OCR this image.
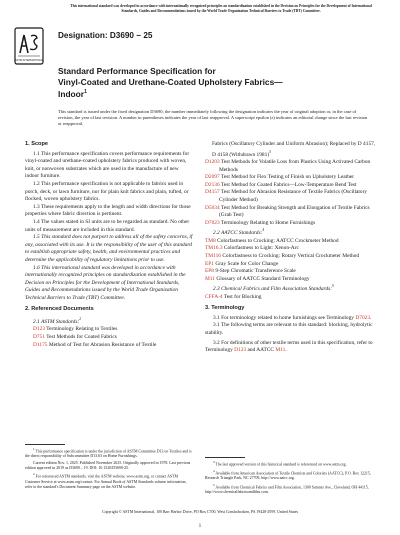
This international standard was developed in accordance with internationally recognized principles on standardization established in the Decision on Principles for the Development of International Standards, Guides and Recommendations issued by the World Trade Organization Technical Barriers to Trade (TBT) Committee.
ASTM INTERNATIONAL
Designation: D3690 − 25
Standard Performance Specification for
Vinyl-Coated and Urethane-Coated Upholstery Fabrics—
Indoor$^1$
This standard is issued under the fixed designation D3690; the number immediately following the designation indicates the year of original adoption or, in the case of revision, the year of last revision. A number in parentheses indicates the year of last reapproval. A superscript epsilon (ε) indicates an editorial change since the last revision or reapproval.

1. Scope

1.1 This performance specification covers performance requirements for vinyl-coated and urethane-coated upholstery fabrics produced with woven, knit, or nonwoven substrates which are used in the manufacture of new indoor furniture.

1.2 This performance specification is not applicable to fabrics used in porch, deck, or lawn furniture, nor for plain knit fabrics and plain, tufted, or flocked, woven upholstery fabrics.

1.3 These requirements apply to the length and width directions for those properties where fabric direction is pertinent.

1.4 The values stated in SI units are to be regarded as standard. No other units of measurement are included in this standard.

1.5 This standard does not purport to address all of the safety concerns, if any, associated with its use. It is the responsibility of the user of this standard to establish appropriate safety, health, and environmental practices and determine the applicability of regulatory limitations prior to use.

1.6 This international standard was developed in accordance with internationally recognized principles on standardization established in the Decision on Principles for the Development of International Standards, Guides and Recommendations issued by the World Trade Organization Technical Barriers to Trade (TBT) Committee.

2. Referenced Documents

2.1 ASTM Standards:$^2$

D123 Terminology Relating to Textiles

D751 Test Methods for Coated Fabrics

D1175 Method of Test for Abrasion Resistance of Textile

Fabrics (Oscillatory Cylinder and Uniform Abrasion); Replaced by D 4157, D 4158 (Withdrawn 1981)$^3$

D1203 Test Methods for Volatile Loss from Plastics Using Activated Carbon Methods

D2097 Test Method for Flex Testing of Finish on Upholstery Leather

D2136 Test Method for Coated Fabrics—Low-Temperature Bend Test

D4157 Test Method for Abrasion Resistance of Textile Fabrics (Oscillatory Cylinder Method)

D5034 Test Method for Breaking Strength and Elongation of Textile Fabrics (Grab Test)

D7023 Terminology Relating to Home Furnishings

2.2 AATCC Standards:$^4$

TM8 Colorfastness to Crocking: AATCC Crockmeter Method

TM16.3 Colorfastness to Light: Xenon-Arc

TM116 Colorfastness to Crocking: Rotary Vertical Crockmeter Method

EP1 Gray Scale for Color Change

EP8 9-Step Chromatic Transference Scale

M11 Glossary of AATCC Standard Terminology

2.3 Chemical Fabrics and Film Association Standards:$^5$

CFFA-4 Test for Blocking

3. Terminology

3.1 For terminology related to home furnishings see Terminology D7023.

3.1 The following terms are relevant to this standard: blocking, hydrolytic stability.

3.2 For definitions of other textile terms used in this specification, refer to Terminology D123 and AATCC M11.

$^1$ This performance specification is under the jurisdiction of ASTM Committee D13 on Textiles and is the direct responsibility of Subcommittee D13.63 on Home Furnishings.

Current edition Nov. 1, 2025. Published November 2025. Originally approved in 1978. Last previous edition approved in 2019 as D3690 – 19. DOI: 10.1520/D3690-25.

$^2$ For referenced ASTM standards, visit the ASTM website, www.astm.org, or contact ASTM Customer Service at www.astm.org/contact. For Annual Book of ASTM Standards volume information, refer to the standard's Document Summary page on the ASTM website.

$^3$ The last approved version of this historical standard is referenced on www.astm.org.

$^4$ Available from American Association of Textile Chemists and Colorists (AATCC), P.O. Box 12215, Research Triangle Park, NC 27709, http://www.aatcc.org.

$^5$ Available from Chemical Fabrics and Film Association, 1300 Sumner Ave., Cleveland, OH 44115, http://www.chemicalfabricsandfilm.com.

Copyright © ASTM International, 100 Barr Harbor Drive, PO Box C700, West Conshohocken, PA 19428-2959. United States
1
